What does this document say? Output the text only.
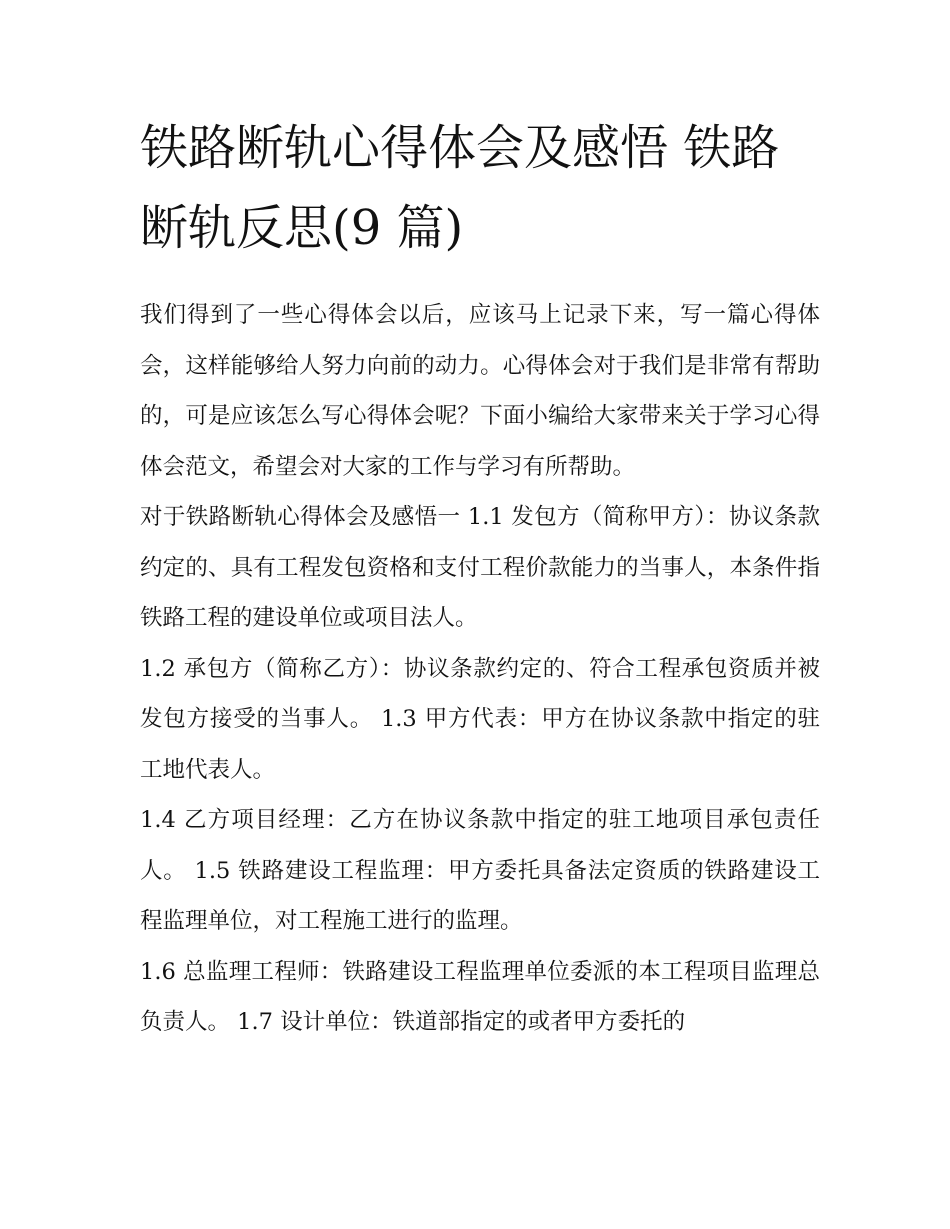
铁路断轨心得体会及感悟 铁路断轨反思(9 篇)

我们得到了一些心得体会以后，应该马上记录下来，写一篇心得体会，这样能够给人努力向前的动力。心得体会对于我们是非常有帮助的，可是应该怎么写心得体会呢？下面小编给大家带来关于学习心得体会范文，希望会对大家的工作与学习有所帮助。

对于铁路断轨心得体会及感悟一 1.1 发包方（简称甲方）：协议条款约定的、具有工程发包资格和支付工程价款能力的当事人，本条件指铁路工程的建设单位或项目法人。

1.2 承包方（简称乙方）：协议条款约定的、符合工程承包资质并被发包方接受的当事人。 1.3 甲方代表：甲方在协议条款中指定的驻工地代表人。

1.4 乙方项目经理：乙方在协议条款中指定的驻工地项目承包责任人。 1.5 铁路建设工程监理：甲方委托具备法定资质的铁路建设工程监理单位，对工程施工进行的监理。

1.6 总监理工程师：铁路建设工程监理单位委派的本工程项目监理总负责人。 1.7 设计单位：铁道部指定的或者甲方委托的
